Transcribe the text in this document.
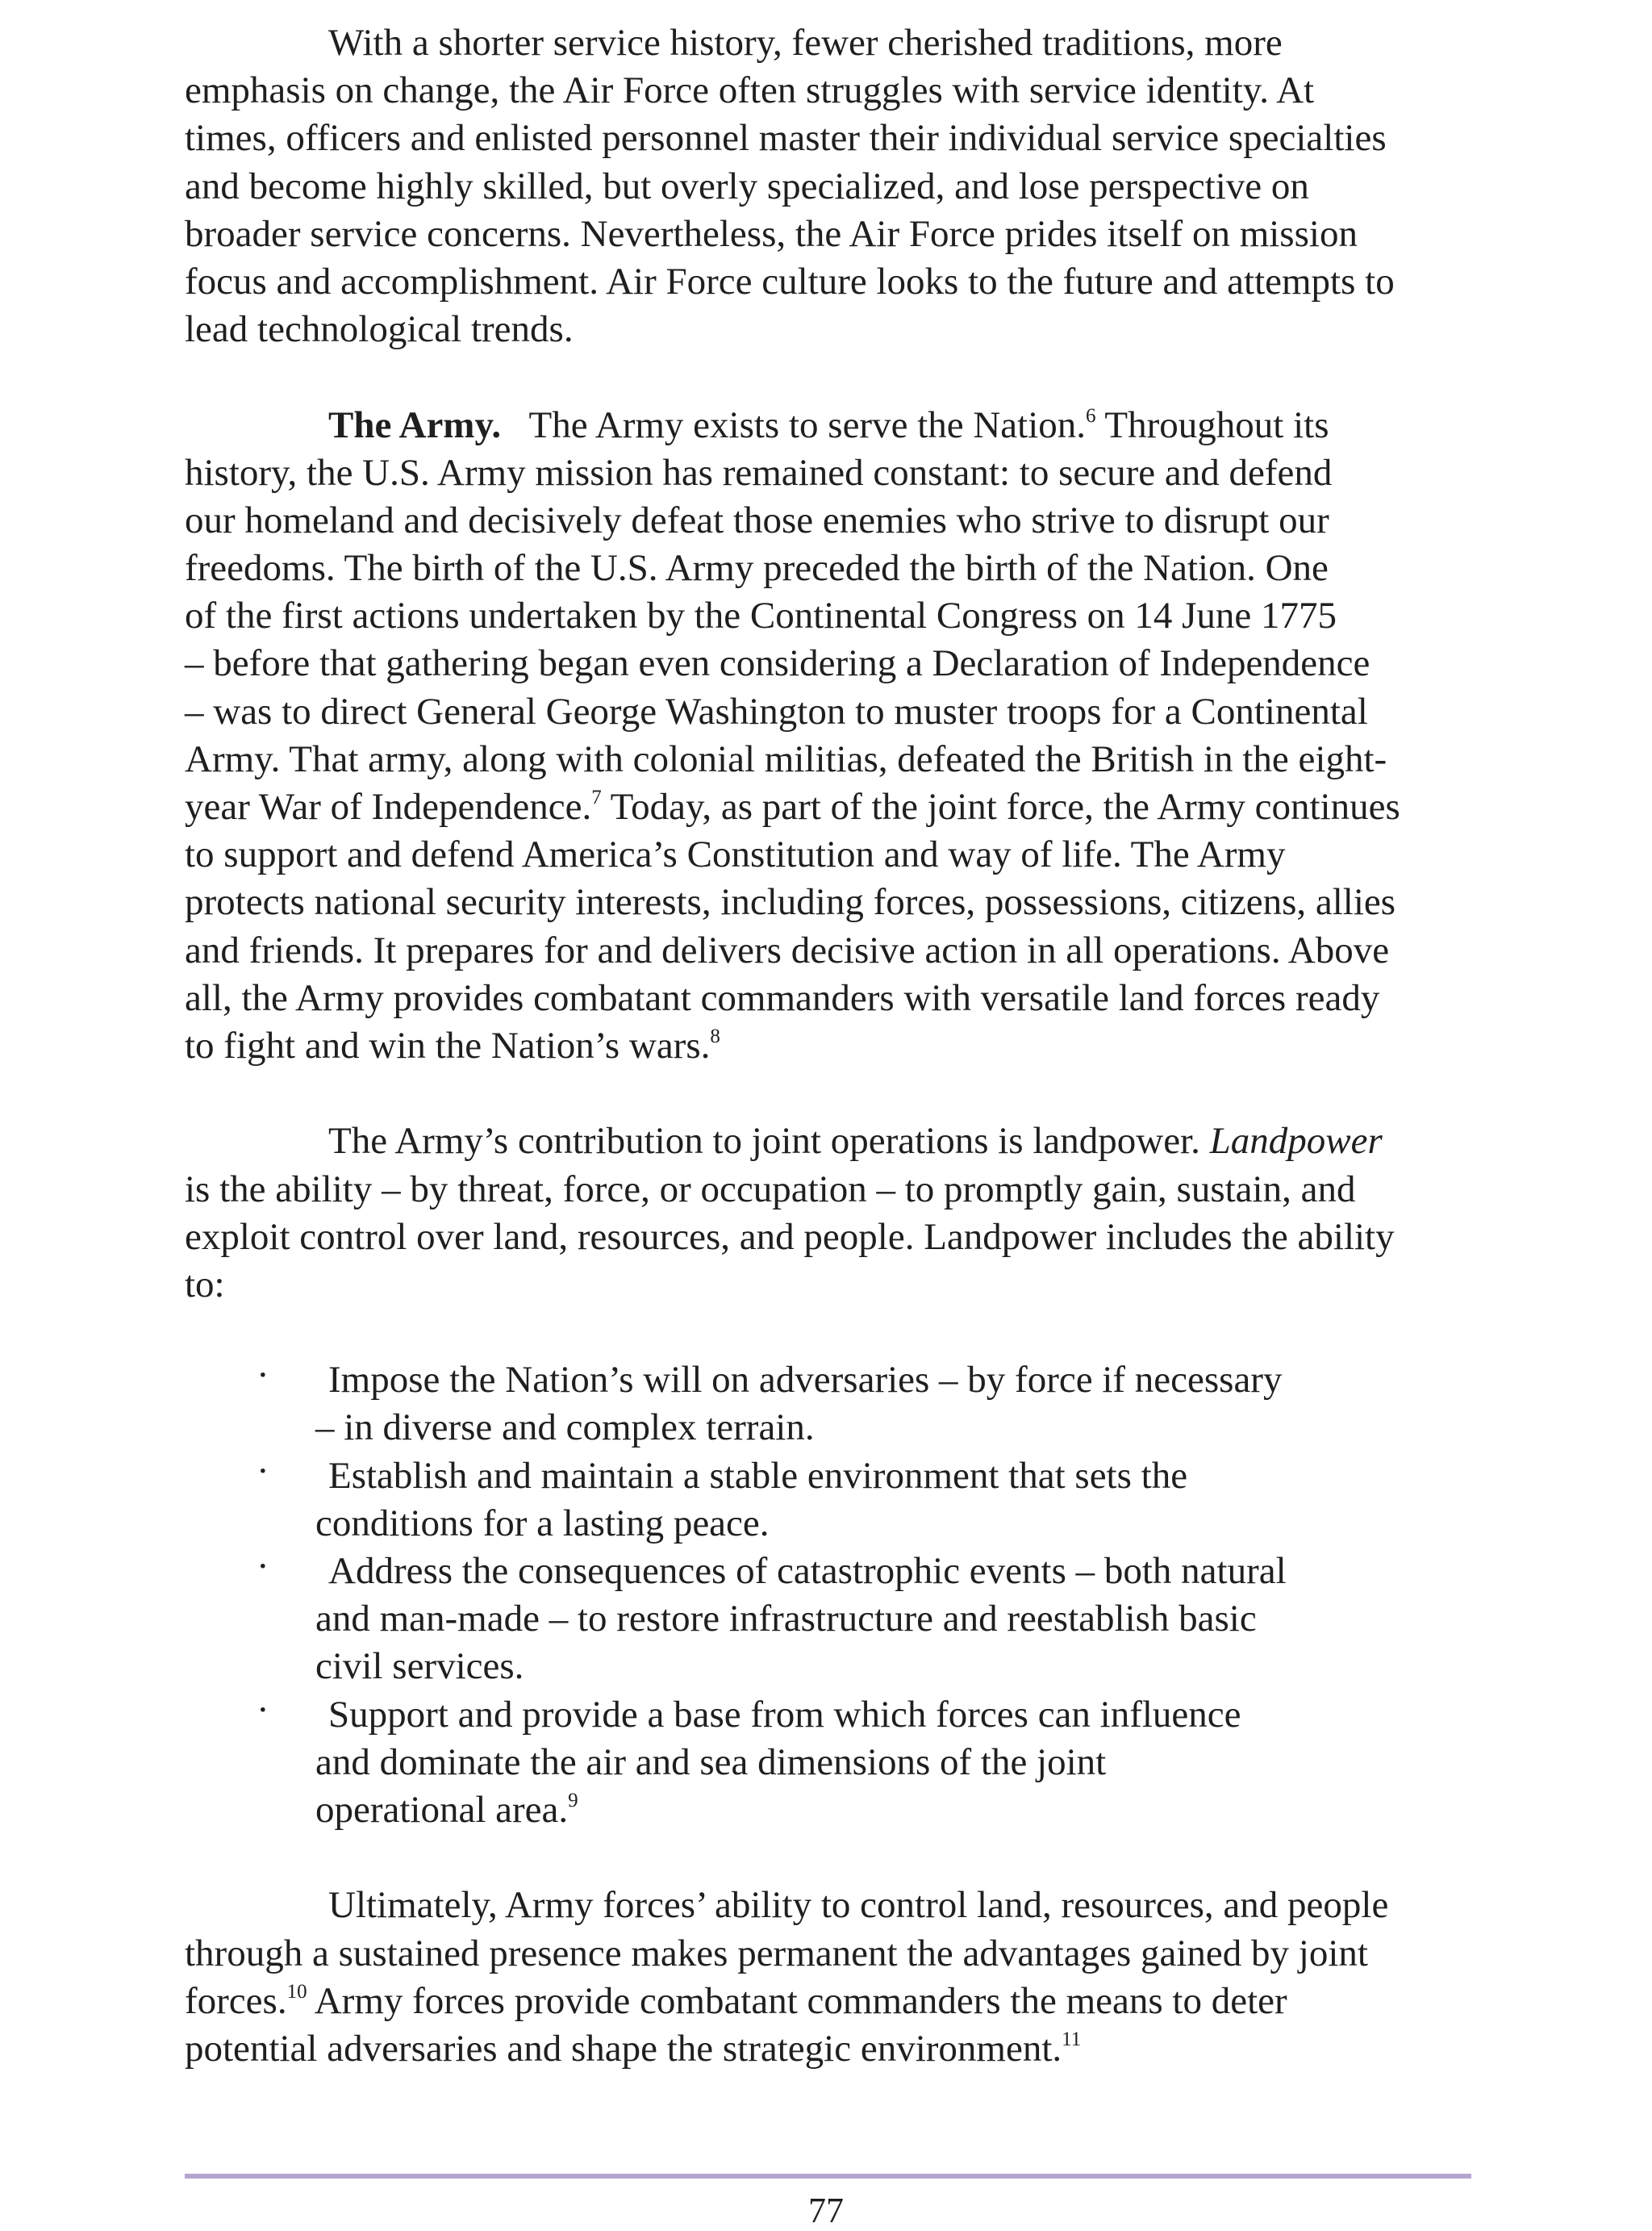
With a shorter service history, fewer cherished traditions, more

emphasis on change, the Air Force often struggles with service identity. At

times, officers and enlisted personnel master their individual service specialties

and become highly skilled, but overly specialized, and lose perspective on

broader service concerns. Nevertheless, the Air Force prides itself on mission

focus and accomplishment. Air Force culture looks to the future and attempts to

lead technological trends.

The Army. The Army exists to serve the Nation.$^6$ Throughout its

history, the U.S. Army mission has remained constant: to secure and defend

our homeland and decisively defeat those enemies who strive to disrupt our

freedoms. The birth of the U.S. Army preceded the birth of the Nation. One

of the first actions undertaken by the Continental Congress on 14 June 1775

– before that gathering began even considering a Declaration of Independence

– was to direct General George Washington to muster troops for a Continental

Army. That army, along with colonial militias, defeated the British in the eight-

year War of Independence.$^7$ Today, as part of the joint force, the Army continues

to support and defend America’s Constitution and way of life. The Army

protects national security interests, including forces, possessions, citizens, allies

and friends. It prepares for and delivers decisive action in all operations. Above

all, the Army provides combatant commanders with versatile land forces ready

to fight and win the Nation’s wars.$^8$

The Army’s contribution to joint operations is landpower. Landpower

is the ability – by threat, force, or occupation – to promptly gain, sustain, and

exploit control over land, resources, and people. Landpower includes the ability

to:

· Impose the Nation’s will on adversaries – by force if necessary

– in diverse and complex terrain.

· Establish and maintain a stable environment that sets the

conditions for a lasting peace.

· Address the consequences of catastrophic events – both natural

and man-made – to restore infrastructure and reestablish basic

civil services.

· Support and provide a base from which forces can influence

and dominate the air and sea dimensions of the joint

operational area.$^9$

Ultimately, Army forces’ ability to control land, resources, and people

through a sustained presence makes permanent the advantages gained by joint

forces.$^{10}$ Army forces provide combatant commanders the means to deter

potential adversaries and shape the strategic environment.$^{11}$

77
